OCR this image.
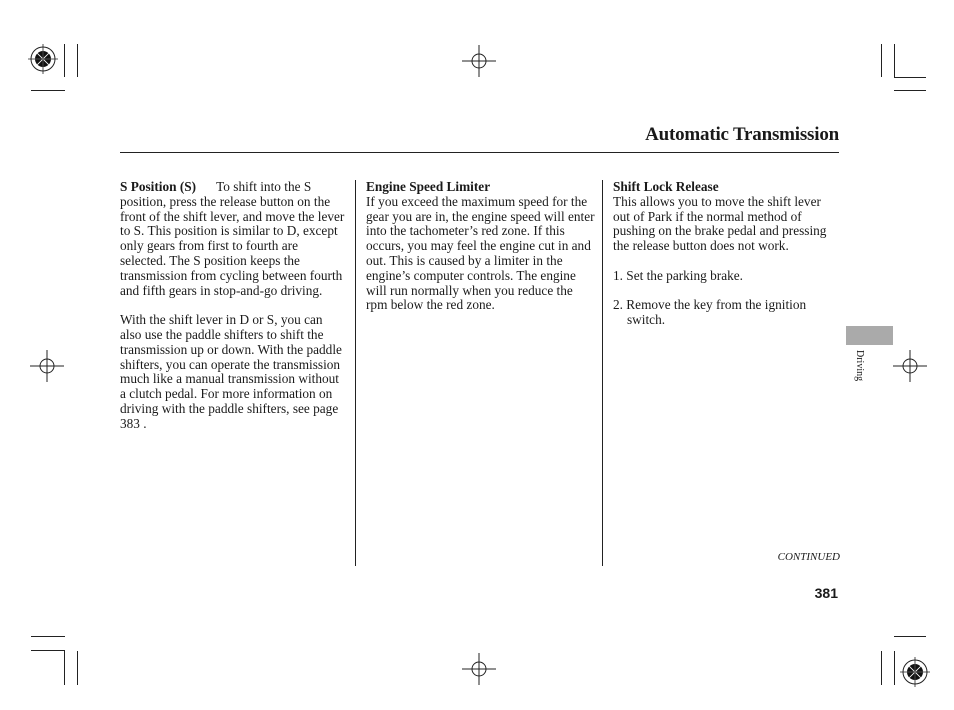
Automatic Transmission

S Position (S) To shift into the S position, press the release button on the front of the shift lever, and move the lever to S. This position is similar to D, except only gears from first to fourth are selected. The S position keeps the transmission from cycling between fourth and fifth gears in stop-and-go driving.

With the shift lever in D or S, you can also use the paddle shifters to shift the transmission up or down. With the paddle shifters, you can operate the transmission much like a manual transmission without a clutch pedal. For more information on driving with the paddle shifters, see page 383 .

Engine Speed Limiter

If you exceed the maximum speed for the gear you are in, the engine speed will enter into the tachometer’s red zone. If this occurs, you may feel the engine cut in and out. This is caused by a limiter in the engine’s computer controls. The engine will run normally when you reduce the rpm below the red zone.

Shift Lock Release

This allows you to move the shift lever out of Park if the normal method of pushing on the brake pedal and pressing the release button does not work.

1. Set the parking brake.

2. Remove the key from the ignition switch.

Driving
CONTINUED
381
